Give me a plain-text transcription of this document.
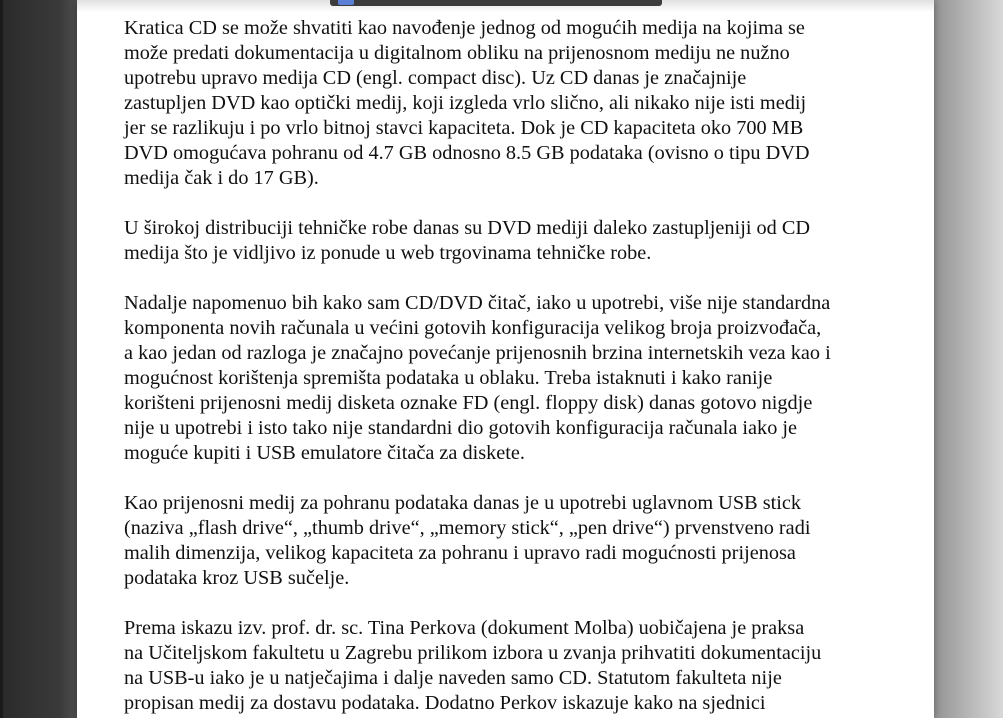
Kratica CD se može shvatiti kao navođenje jednog od mogućih medija na kojima se
može predati dokumentacija u digitalnom obliku na prijenosnom mediju ne nužno
upotrebu upravo medija CD (engl. compact disc). Uz CD danas je značajnije
zastupljen DVD kao optički medij, koji izgleda vrlo slično, ali nikako nije isti medij
jer se razlikuju i po vrlo bitnoj stavci kapaciteta. Dok je CD kapaciteta oko 700 MB
DVD omogućava pohranu od 4.7 GB odnosno 8.5 GB podataka (ovisno o tipu DVD
medija čak i do 17 GB).

U širokoj distribuciji tehničke robe danas su DVD mediji daleko zastupljeniji od CD
medija što je vidljivo iz ponude u web trgovinama tehničke robe.

Nadalje napomenuo bih kako sam CD/DVD čitač, iako u upotrebi, više nije standardna
komponenta novih računala u većini gotovih konfiguracija velikog broja proizvođača,
a kao jedan od razloga je značajno povećanje prijenosnih brzina internetskih veza kao i
mogućnost korištenja spremišta podataka u oblaku. Treba istaknuti i kako ranije
korišteni prijenosni medij disketa oznake FD (engl. floppy disk) danas gotovo nigdje
nije u upotrebi i isto tako nije standardni dio gotovih konfiguracija računala iako je
moguće kupiti i USB emulatore čitača za diskete.

Kao prijenosni medij za pohranu podataka danas je u upotrebi uglavnom USB stick
(naziva „flash drive“, „thumb drive“, „memory stick“, „pen drive“) prvenstveno radi
malih dimenzija, velikog kapaciteta za pohranu i upravo radi mogućnosti prijenosa
podataka kroz USB sučelje.

Prema iskazu izv. prof. dr. sc. Tina Perkova (dokument Molba) uobičajena je praksa
na Učiteljskom fakultetu u Zagrebu prilikom izbora u zvanja prihvatiti dokumentaciju
na USB-u iako je u natječajima i dalje naveden samo CD. Statutom fakulteta nije
propisan medij za dostavu podataka. Dodatno Perkov iskazuje kako na sjednici
